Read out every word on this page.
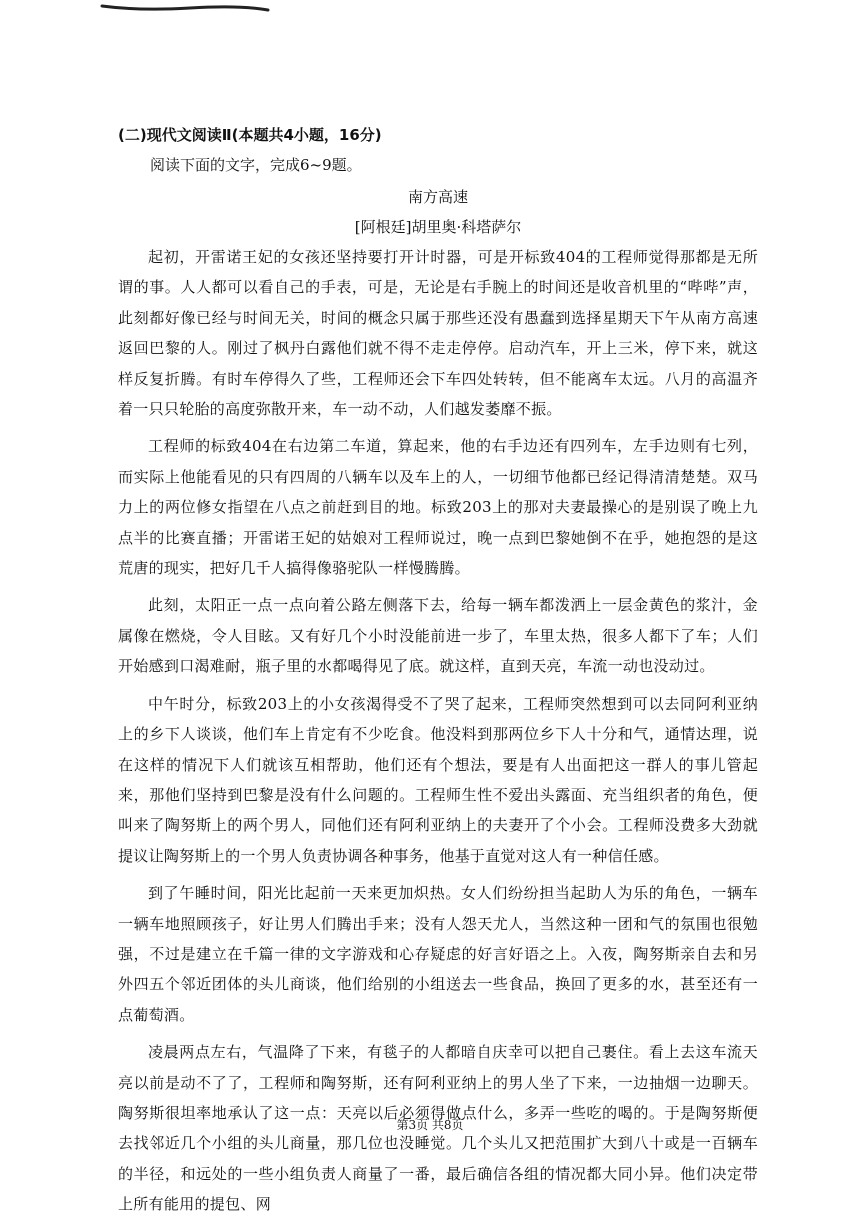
(二)现代文阅读Ⅱ(本题共4小题，16分)

阅读下面的文字，完成6~9题。

南方高速

[阿根廷]胡里奥·科塔萨尔

起初，开雷诺王妃的女孩还坚持要打开计时器，可是开标致404的工程师觉得那都是无所谓的事。人人都可以看自己的手表，可是，无论是右手腕上的时间还是收音机里的“哔哔”声，此刻都好像已经与时间无关，时间的概念只属于那些还没有愚蠢到选择星期天下午从南方高速返回巴黎的人。刚过了枫丹白露他们就不得不走走停停。启动汽车，开上三米，停下来，就这样反复折腾。有时车停得久了些，工程师还会下车四处转转，但不能离车太远。八月的高温齐着一只只轮胎的高度弥散开来，车一动不动，人们越发萎靡不振。

工程师的标致404在右边第二车道，算起来，他的右手边还有四列车，左手边则有七列，而实际上他能看见的只有四周的八辆车以及车上的人，一切细节他都已经记得清清楚楚。双马力上的两位修女指望在八点之前赶到目的地。标致203上的那对夫妻最操心的是别误了晚上九点半的比赛直播；开雷诺王妃的姑娘对工程师说过，晚一点到巴黎她倒不在乎，她抱怨的是这荒唐的现实，把好几千人搞得像骆驼队一样慢腾腾。

此刻，太阳正一点一点向着公路左侧落下去，给每一辆车都泼洒上一层金黄色的浆汁，金属像在燃烧，令人目眩。又有好几个小时没能前进一步了，车里太热，很多人都下了车；人们开始感到口渴难耐，瓶子里的水都喝得见了底。就这样，直到天亮，车流一动也没动过。

中午时分，标致203上的小女孩渴得受不了哭了起来，工程师突然想到可以去同阿利亚纳上的乡下人谈谈，他们车上肯定有不少吃食。他没料到那两位乡下人十分和气，通情达理，说在这样的情况下人们就该互相帮助，他们还有个想法，要是有人出面把这一群人的事儿管起来，那他们坚持到巴黎是没有什么问题的。工程师生性不爱出头露面、充当组织者的角色，便叫来了陶努斯上的两个男人，同他们还有阿利亚纳上的夫妻开了个小会。工程师没费多大劲就提议让陶努斯上的一个男人负责协调各种事务，他基于直觉对这人有一种信任感。

到了午睡时间，阳光比起前一天来更加炽热。女人们纷纷担当起助人为乐的角色，一辆车一辆车地照顾孩子，好让男人们腾出手来；没有人怨天尤人，当然这种一团和气的氛围也很勉强，不过是建立在千篇一律的文字游戏和心存疑虑的好言好语之上。入夜，陶努斯亲自去和另外四五个邻近团体的头儿商谈，他们给别的小组送去一些食品，换回了更多的水，甚至还有一点葡萄酒。

凌晨两点左右，气温降了下来，有毯子的人都暗自庆幸可以把自己裹住。看上去这车流天亮以前是动不了了，工程师和陶努斯，还有阿利亚纳上的男人坐了下来，一边抽烟一边聊天。陶努斯很坦率地承认了这一点：天亮以后必须得做点什么，多弄一些吃的喝的。于是陶努斯便去找邻近几个小组的头儿商量，那几位也没睡觉。几个头儿又把范围扩大到八十或是一百辆车的半径，和远处的一些小组负责人商量了一番，最后确信各组的情况都大同小异。他们决定带上所有能用的提包、网

第3页 共8页
